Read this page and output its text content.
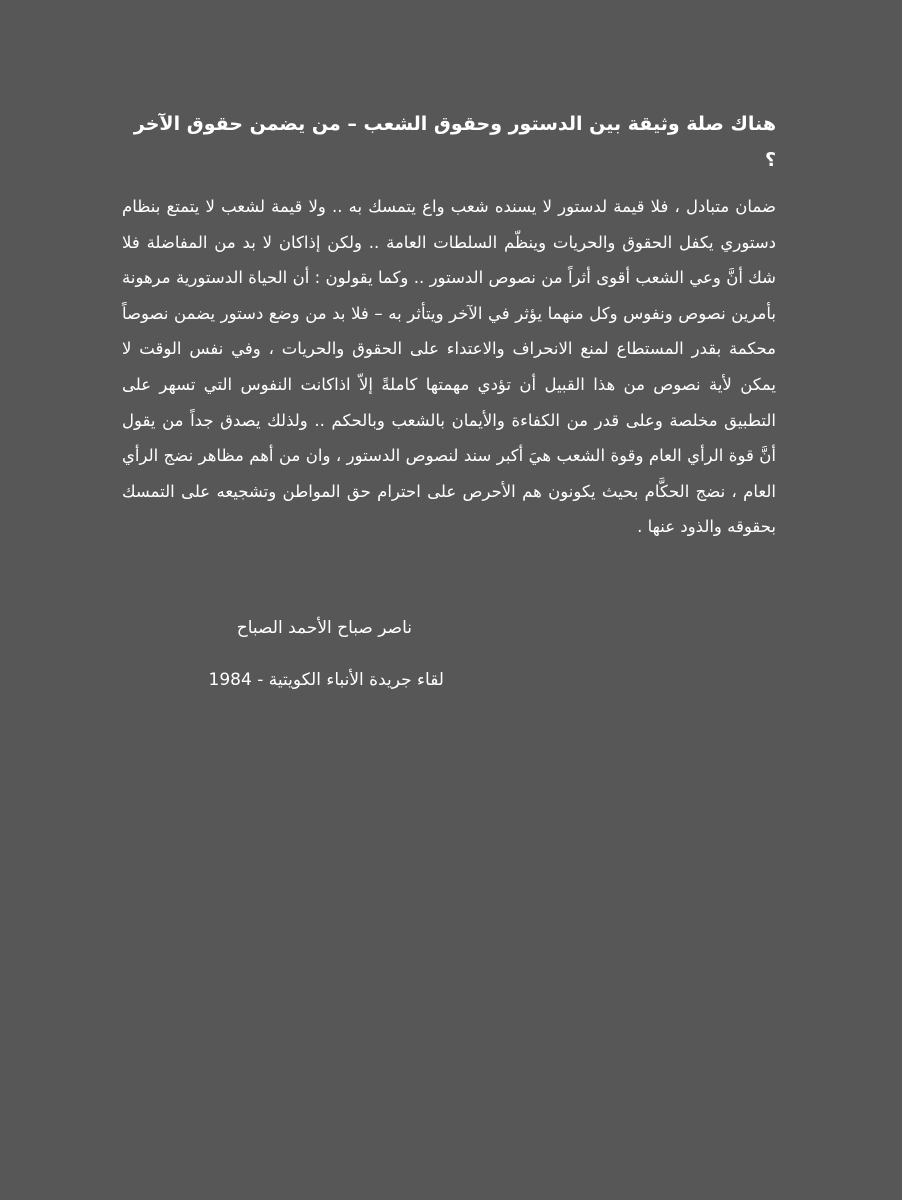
هناك صلة وثيقة بين الدستور وحقوق الشعب – من يضمن حقوق الآخر ؟

ضمان متبادل ، فلا قيمة لدستور لا يسنده شعب واع يتمسك به .. ولا قيمة لشعب لا يتمتع بنظام دستوري يكفل الحقوق والحريات وينظّم السلطات العامة .. ولكن إذاكان لا بد من المفاضلة فلا شك أنَّ وعي الشعب أقوى أثراً من نصوص الدستور .. وكما يقولون : أن الحياة الدستورية مرهونة بأمرين نصوص ونفوس وكل منهما يؤثر في الآخر ويتأثر به – فلا بد من وضع دستور يضمن نصوصاً محكمة بقدر المستطاع لمنع الانحراف والاعتداء على الحقوق والحريات ، وفي نفس الوقت لا يمكن لأية نصوص من هذا القبيل أن تؤدي مهمتها كاملةً إلاّ اذاكانت النفوس التي تسهر على التطبيق مخلصة وعلى قدر من الكفاءة والأيمان بالشعب وبالحكم .. ولذلك يصدق جداً من يقول أنَّ قوة الرأي العام وقوة الشعب هيَ أكبر سند لنصوص الدستور ، وان من أهم مظاهر نضج الرأي العام ، نضج الحكَّام بحيث يكونون هم الأحرص على احترام حق المواطن وتشجيعه على التمسك بحقوقه والذود عنها .

ناصر صباح الأحمد الصباح
لقاء جريدة الأنباء الكويتية - 1984
